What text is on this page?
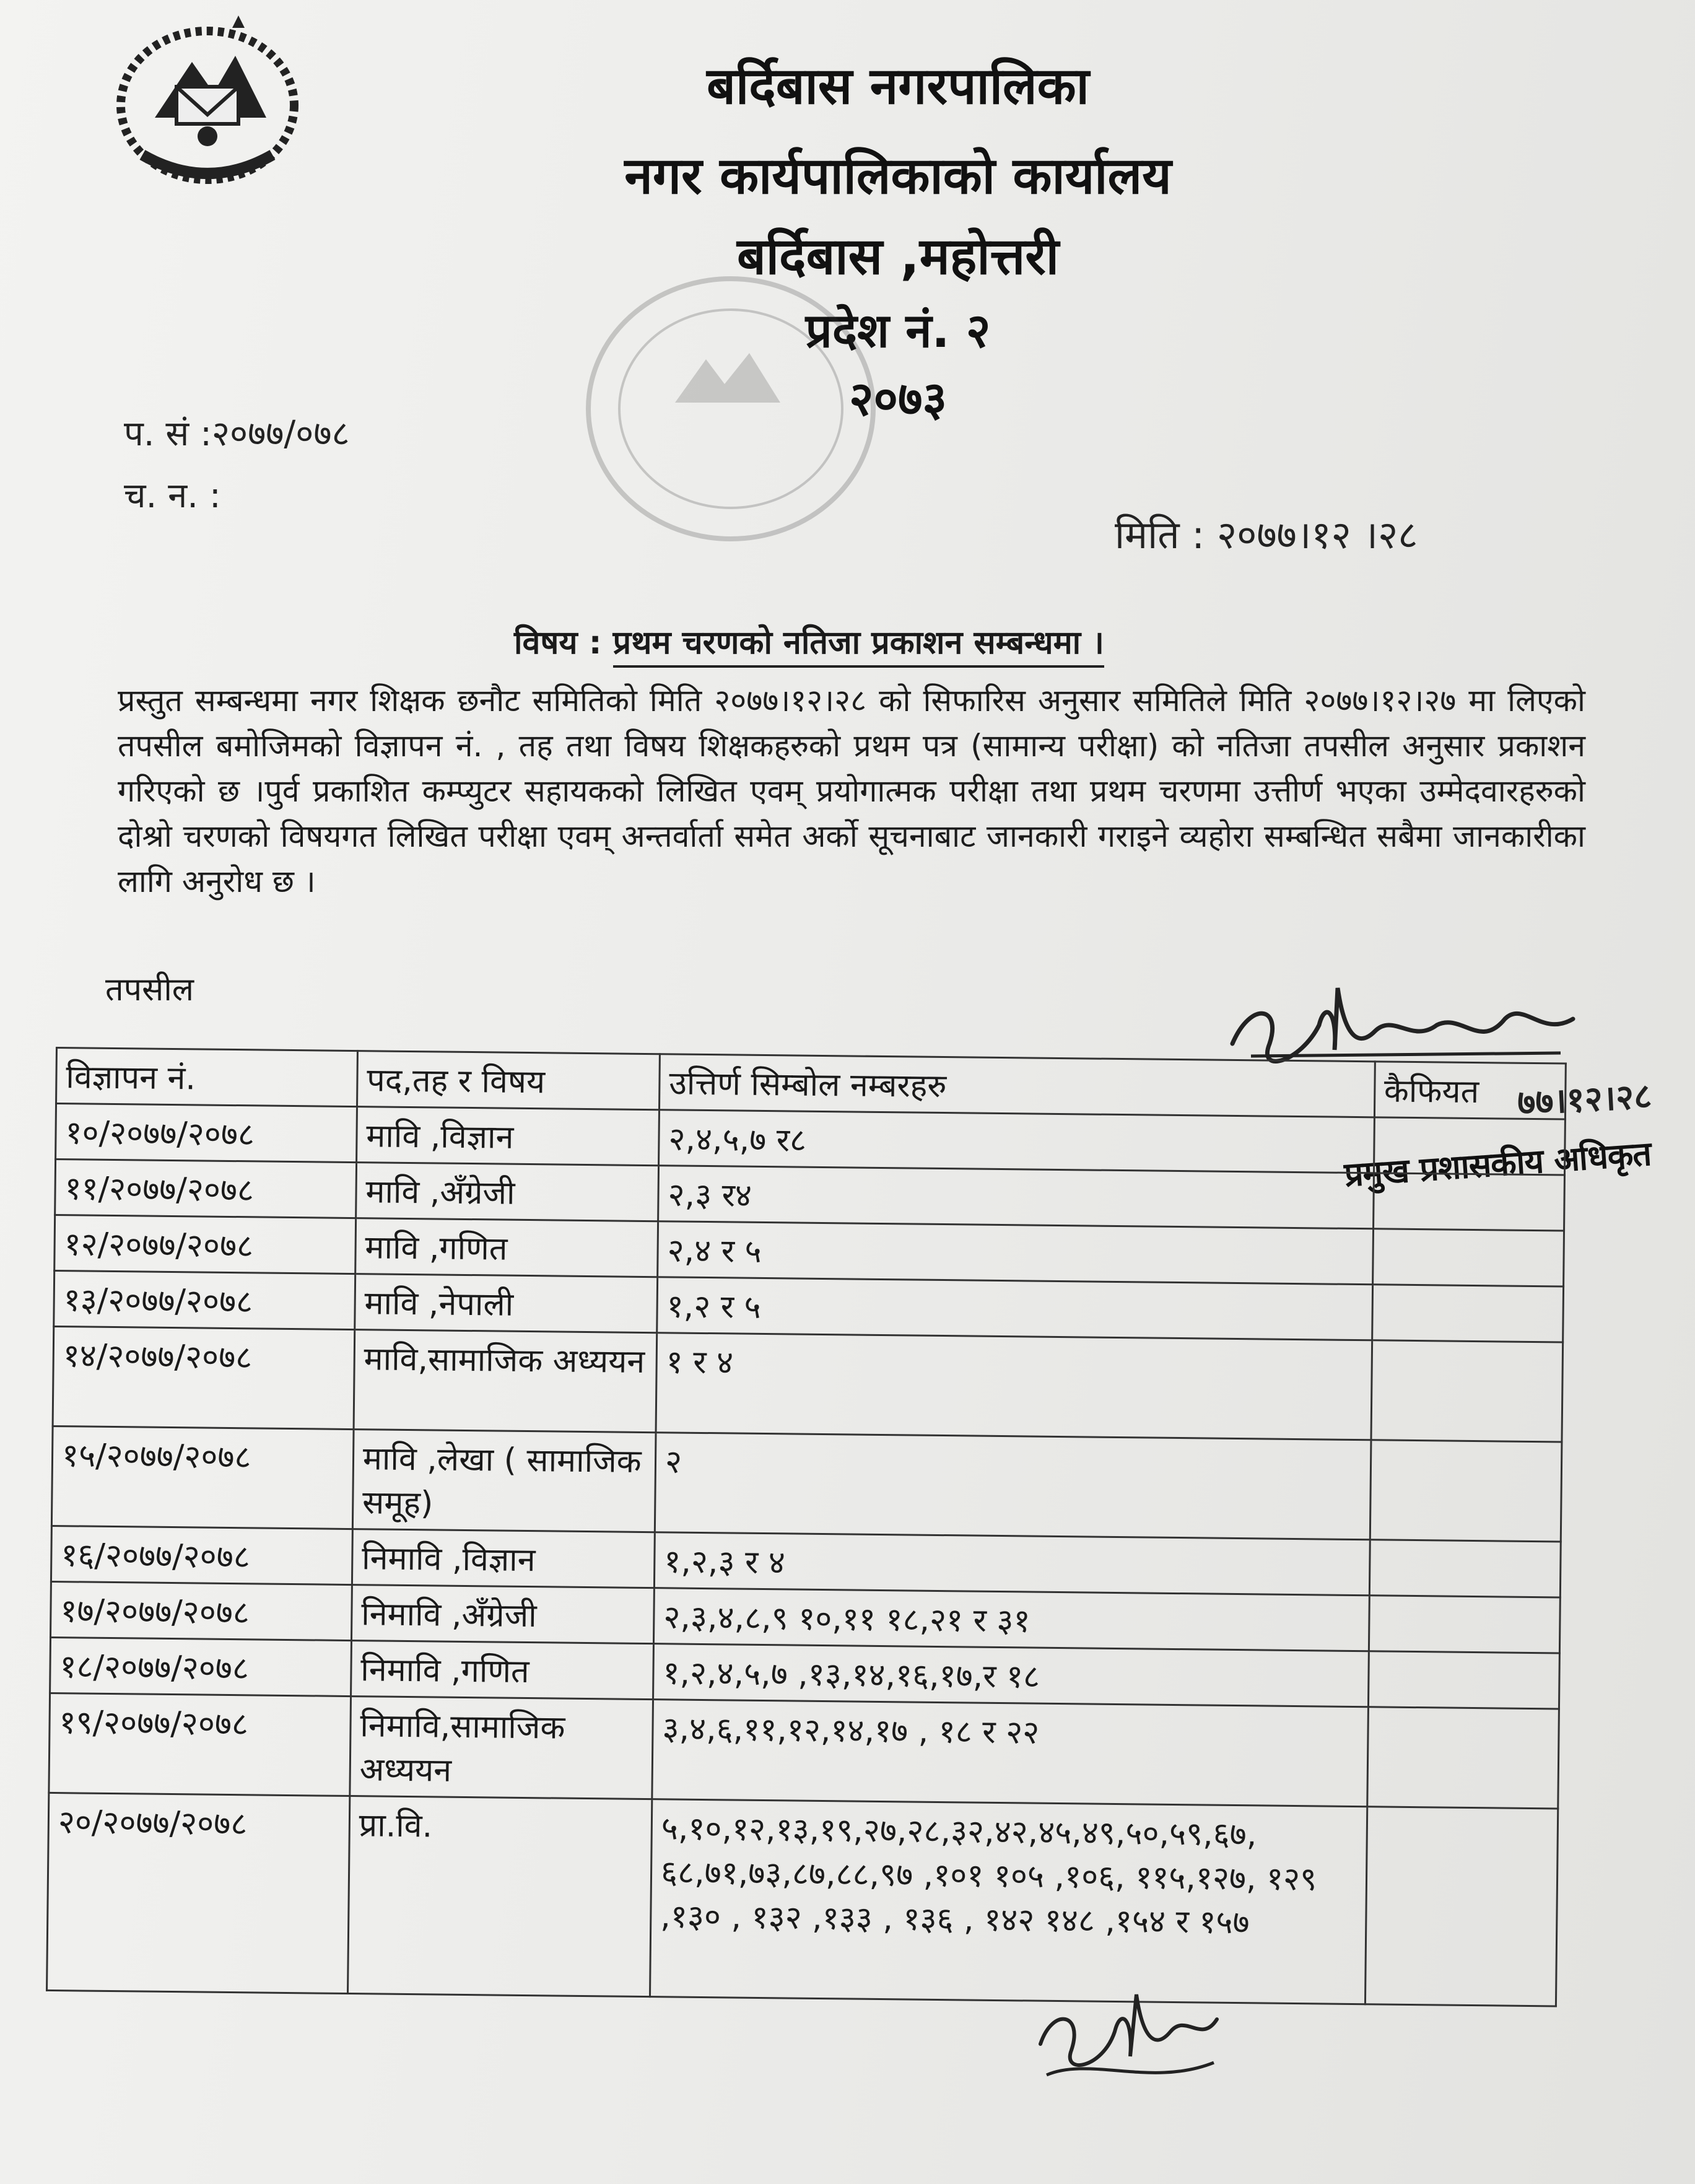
बर्दिबास नगरपालिका
नगर कार्यपालिकाको कार्यालय
बर्दिबास ,महोत्तरी
प्रदेश नं. २
२०७३
प. सं :२०७७/०७८
च. न. :
मिति : २०७७।१२ ।२८
विषय : प्रथम चरणको नतिजा प्रकाशन सम्बन्धमा ।
प्रस्तुत सम्बन्धमा नगर शिक्षक छनौट समितिको मिति २०७७।१२।२८ को सिफारिस अनुसार समितिले मिति २०७७।१२।२७ मा लिएको तपसील बमोजिमको विज्ञापन नं. , तह तथा विषय शिक्षकहरुको प्रथम पत्र (सामान्य परीक्षा) को नतिजा तपसील अनुसार प्रकाशन गरिएको छ ।पुर्व प्रकाशित कम्प्युटर सहायकको लिखित एवम् प्रयोगात्मक परीक्षा तथा प्रथम चरणमा उत्तीर्ण भएका उम्मेदवारहरुको दोश्रो चरणको विषयगत लिखित परीक्षा एवम् अन्तर्वार्ता समेत अर्को सूचनाबाट जानकारी गराइने व्यहोरा सम्बन्धित सबैमा जानकारीका लागि अनुरोध छ ।
तपसील
७७।१२।२८
प्रमुख प्रशासकीय अधिकृत
विज्ञापन नं.	पद,तह र विषय	उत्तिर्ण सिम्बोल नम्बरहरु	कैफियत
१०/२०७७/२०७८	मावि ,विज्ञान	२,४,५,७ र८	
११/२०७७/२०७८	मावि ,अँग्रेजी	२,३ र४	
१२/२०७७/२०७८	मावि ,गणित	२,४ र ५	
१३/२०७७/२०७८	मावि ,नेपाली	१,२ र ५	
१४/२०७७/२०७८	मावि,सामाजिक अध्ययन	१ र ४	
१५/२०७७/२०७८	मावि ,लेखा ( सामाजिक समूह)	२	
१६/२०७७/२०७८	निमावि ,विज्ञान	१,२,३ र ४	
१७/२०७७/२०७८	निमावि ,अँग्रेजी	२,३,४,८,९ १०,११ १८,२१ र ३१	
१८/२०७७/२०७८	निमावि ,गणित	१,२,४,५,७ ,१३,१४,१६,१७,र १८	
१९/२०७७/२०७८	निमावि,सामाजिक अध्ययन	३,४,६,११,१२,१४,१७ , १८ र २२	
२०/२०७७/२०७८	प्रा.वि.	५,१०,१२,१३,१९,२७,२८,३२,४२,४५,४९,५०,५९,६७, ६८,७१,७३,८७,८८,९७ ,१०१ १०५ ,१०६, ११५,१२७, १२९ ,१३० , १३२ ,१३३ , १३६ , १४२ १४८ ,१५४ र १५७	
